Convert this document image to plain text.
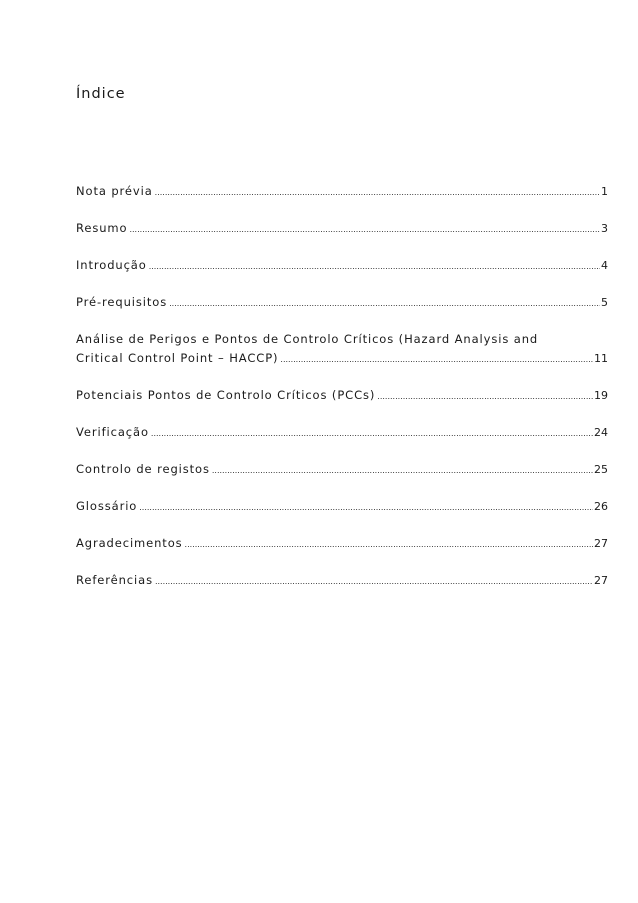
Índice
Nota prévia .....	1
Resumo .....	3
Introdução .....	4
Pré-requisitos .....	5
Análise de Perigos e Pontos de Controlo Críticos (Hazard Analysis and
Critical Control Point – HACCP) .....	11
Potenciais Pontos de Controlo Críticos (PCCs) .....	19
Verificação .....	24
Controlo de registos .....	25
Glossário .....	26
Agradecimentos .....	27
Referências .....	27
